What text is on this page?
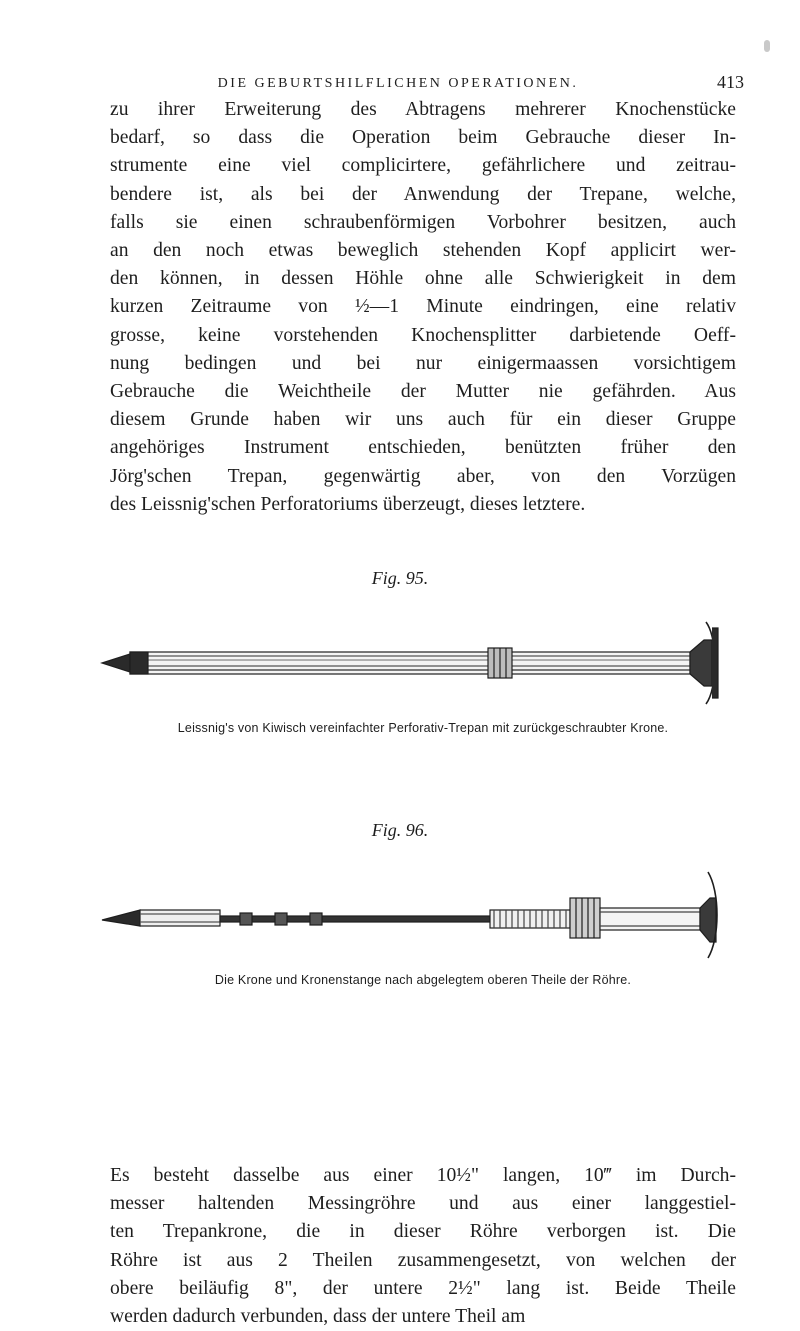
DIE GEBURTSHILFLICHEN OPERATIONEN.	413
zu ihrer Erweiterung des Abtragens mehrerer Knochenstücke
bedarf, so dass die Operation beim Gebrauche dieser In-
strumente eine viel complicirtere, gefährlichere und zeitrau-
bendere ist, als bei der Anwendung der Trepane, welche,
falls sie einen schraubenförmigen Vorbohrer besitzen, auch
an den noch etwas beweglich stehenden Kopf applicirt wer-
den können, in dessen Höhle ohne alle Schwierigkeit in dem
kurzen Zeitraume von ½—1 Minute eindringen, eine relativ
grosse, keine vorstehenden Knochensplitter darbietende Oeff-
nung bedingen und bei nur einigermaassen vorsichtigem
Gebrauche die Weichtheile der Mutter nie gefährden. Aus
diesem Grunde haben wir uns auch für ein dieser Gruppe
angehöriges Instrument entschieden, benützten früher den
Jörg'schen Trepan, gegenwärtig aber, von den Vorzügen
des Leissnig'schen Perforatoriums überzeugt, dieses letztere.
Fig. 95.
Leissnig's von Kiwisch vereinfachter Perforativ-Trepan mit zurückgeschraubter Krone.
Fig. 96.
Die Krone und Kronenstange nach abgelegtem oberen Theile der Röhre.
Es besteht dasselbe aus einer 10½" langen, 10‴ im Durch-
messer haltenden Messingröhre und aus einer langgestiel-
ten Trepankrone, die in dieser Röhre verborgen ist. Die
Röhre ist aus 2 Theilen zusammengesetzt, von welchen der
obere beiläufig 8", der untere 2½" lang ist. Beide Theile
werden dadurch verbunden, dass der untere Theil am
